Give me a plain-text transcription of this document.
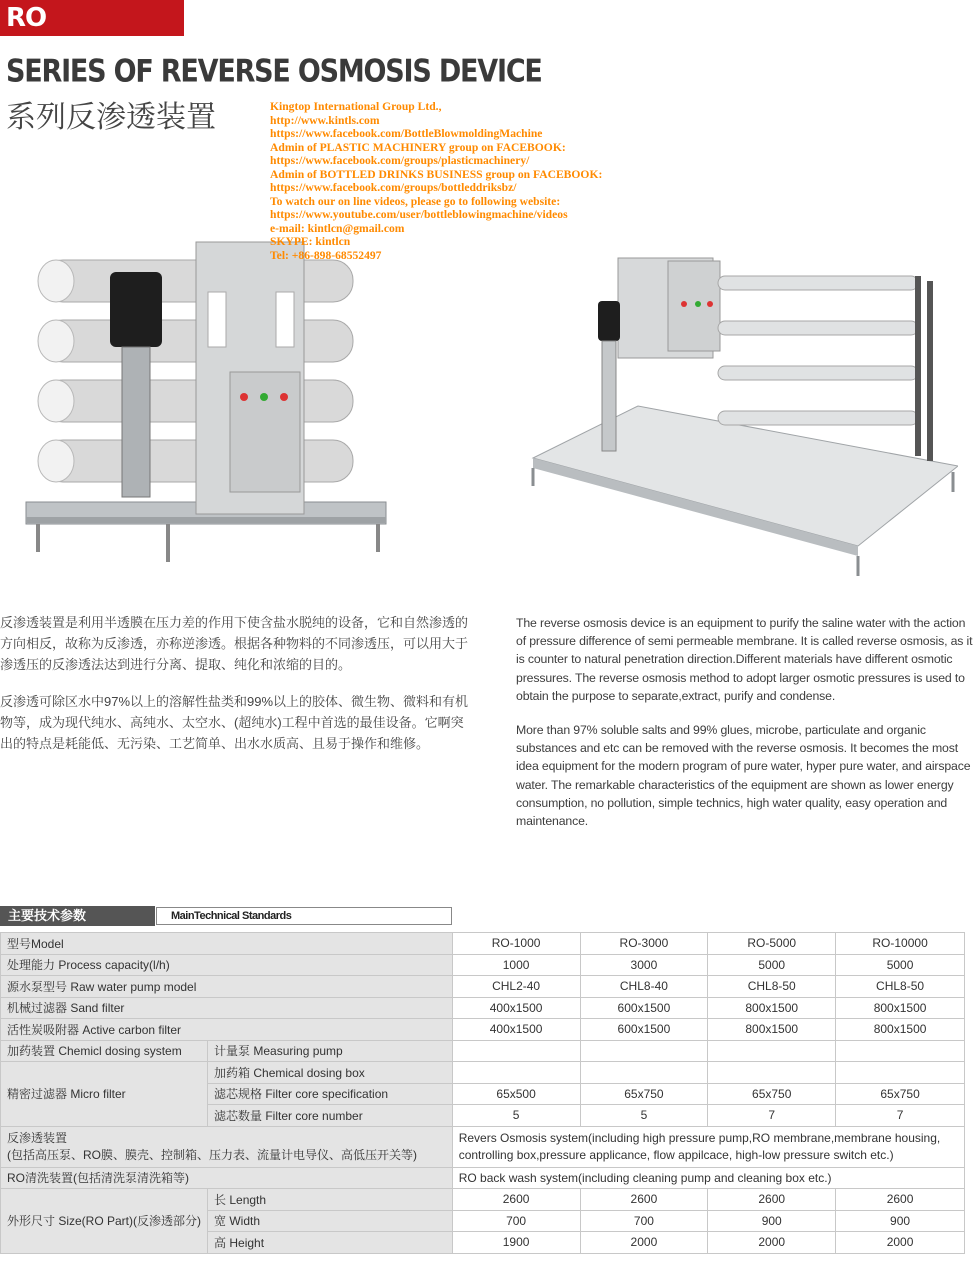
RO
SERIES OF REVERSE OSMOSIS DEVICE
系列反渗透装置	Kingtop International Group Ltd.,
http://www.kintls.com
https://www.facebook.com/BottleBlowmoldingMachine
Admin of PLASTIC MACHINERY group on FACEBOOK:
https://www.facebook.com/groups/plasticmachinery/
Admin of BOTTLED DRINKS BUSINESS group on FACEBOOK:
https://www.facebook.com/groups/bottleddriksbz/
To watch our on line videos, please go to following website:
https://www.youtube.com/user/bottleblowingmachine/videos
e-mail: kintlcn@gmail.com
SKYPE: kintlcn
Tel: +86-898-68552497

反渗透装置是利用半透膜在压力差的作用下使含盐水脱纯的设备，它和自然渗透的方向相反，故称为反渗透，亦称逆渗透。根据各种物料的不同渗透压，可以用大于渗透压的反渗透法达到进行分离、提取、纯化和浓缩的目的。

反渗透可除区水中97%以上的溶解性盐类和99%以上的胶体、微生物、微料和有机物等，成为现代纯水、高纯水、太空水、(超纯水)工程中首选的最佳设备。它啊突出的特点是耗能低、无污染、工艺简单、出水水质高、且易于操作和维修。

The reverse osmosis device is an equipment to purify the saline water with the action of pressure difference of semi permeable membrane. It is called reverse osmosis, as it is counter to natural penetration direction.Different materials have different osmotic pressures. The reverse osmosis method to adopt larger osmotic pressures is used to obtain the purpose to separate,extract, purify and condense.

More than 97% soluble salts and 99% glues, microbe, particulate and organic substances and etc can be removed with the reverse osmosis. It becomes the most idea equipment for the modern program of pure water, hyper pure water, and airspace water. The remarkable characteristics of the equipment are shown as lower energy consumption, no pollution, simple technics, high water quality, easy operation and maintenance.

主要技术参数	MainTechnical Standards
型号Model		RO-1000	RO-3000	RO-5000	RO-10000
处理能力 Process capacity(l/h)		1000	3000	5000	5000
源水泵型号 Raw water pump model		CHL2-40	CHL8-40	CHL8-50	CHL8-50
机械过滤器 Sand filter		400x1500	600x1500	800x1500	800x1500
活性炭吸附器 Active carbon filter		400x1500	600x1500	800x1500	800x1500
加药装置 Chemicl dosing system	计量泵 Measuring pump				
精密过滤器 Micro filter	加药箱 Chemical dosing box				
	滤芯规格 Filter core specification	65x500	65x750	65x750	65x750
	滤芯数量 Filter core number	5	5	7	7

反渗透装置
(包括高压泵、RO膜、膜壳、控制箱、压力表、流量计电导仪、高低压开关等)		Revers Osmosis system(including high pressure pump,RO membrane,membrane housing, controlling box,pressure applicance, flow appilcace, high-low pressure switch etc.)			
RO清洗装置(包括清洗泵清洗箱等)		RO back wash system(including cleaning pump and cleaning box etc.)			
外形尺寸 Size(RO Part)(反渗透部分)	长 Length	2600	2600	2600	2600
	宽 Width	700	700	900	900
	高 Height	1900	2000	2000	2000
